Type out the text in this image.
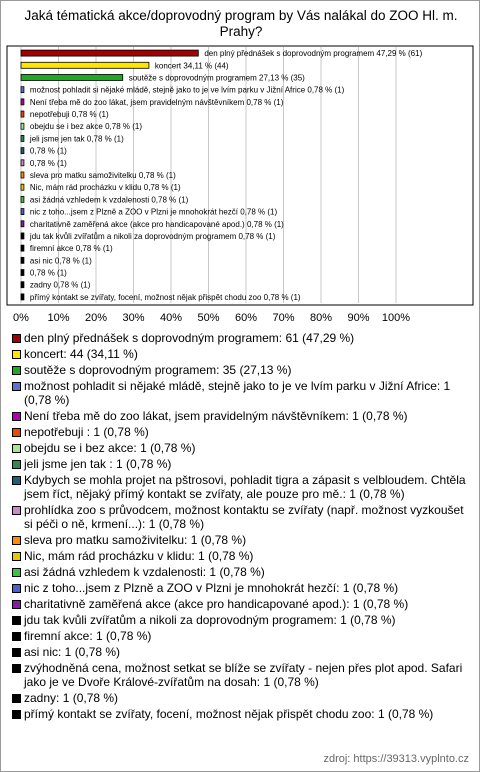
Jaká tématická akce/doprovodný program by Vás nalákal do ZOO Hl. m. Prahy?
den plný přednášek s doprovodným programem 47,29 % (61)
koncert 34,11 % (44)
soutěže s doprovodným programem 27,13 % (35)
možnost pohladit si nějaké mládě, stejně jako to je ve lvím parku v Jižní Africe 0,78 % (1)
Není třeba mě do zoo lákat, jsem pravidelným návštěvníkem 0,78 % (1)
nepotřebuji 0,78 % (1)
obejdu se i bez akce 0,78 % (1)
jeli jsme jen tak 0,78 % (1)
0,78 % (1)
0,78 % (1)
sleva pro matku samoživitelku 0,78 % (1)
Nic, mám rád procházku v klidu 0,78 % (1)
asi žádná vzhledem k vzdalenosti 0,78 % (1)
nic z toho...jsem z Plzně a ZOO v Plzni je mnohokrát hezčí 0,78 % (1)
charitativně zaměřená akce (akce pro handicapované apod.) 0,78 % (1)
jdu tak kvůli zvířatům a nikoli za doprovodným programem 0,78 % (1)
firemní akce 0,78 % (1)
asi nic 0,78 % (1)
0,78 % (1)
zadny 0,78 % (1)
přímý kontakt se zvířaty, focení, možnost nějak přispět chodu zoo 0,78 % (1)
0% 10% 20% 30% 40% 50% 60% 70% 80% 90% 100%
den plný přednášek s doprovodným programem: 61 (47,29 %)
koncert: 44 (34,11 %)
soutěže s doprovodným programem: 35 (27,13 %)
možnost pohladit si nějaké mládě, stejně jako to je ve lvím parku v Jižní Africe: 1 (0,78 %)
Není třeba mě do zoo lákat, jsem pravidelným návštěvníkem: 1 (0,78 %)
nepotřebuji : 1 (0,78 %)
obejdu se i bez akce: 1 (0,78 %)
jeli jsme jen tak : 1 (0,78 %)
Kdybych se mohla projet na pštrosovi, pohladit tigra a zápasit s velbloudem. Chtěla jsem říct, nějaký přímý kontakt se zvířaty, ale pouze pro mě.: 1 (0,78 %)
prohlídka zoo s průvodcem, možnost kontaktu se zvířaty (např. možnost vyzkoušet si péči o ně, krmení...): 1 (0,78 %)
sleva pro matku samoživitelku: 1 (0,78 %)
Nic, mám rád procházku v klidu: 1 (0,78 %)
asi žádná vzhledem k vzdalenosti: 1 (0,78 %)
nic z toho...jsem z Plzně a ZOO v Plzni je mnohokrát hezčí: 1 (0,78 %)
charitativně zaměřená akce (akce pro handicapované apod.): 1 (0,78 %)
jdu tak kvůli zvířatům a nikoli za doprovodným programem: 1 (0,78 %)
firemní akce: 1 (0,78 %)
asi nic: 1 (0,78 %)
zvýhodněná cena, možnost setkat se blíže se zvířaty - nejen přes plot apod. Safari jako je ve Dvoře Králové-zvířatům na dosah: 1 (0,78 %)
zadny: 1 (0,78 %)
přímý kontakt se zvířaty, focení, možnost nějak přispět chodu zoo: 1 (0,78 %)
zdroj: https://39313.vyplnto.cz
